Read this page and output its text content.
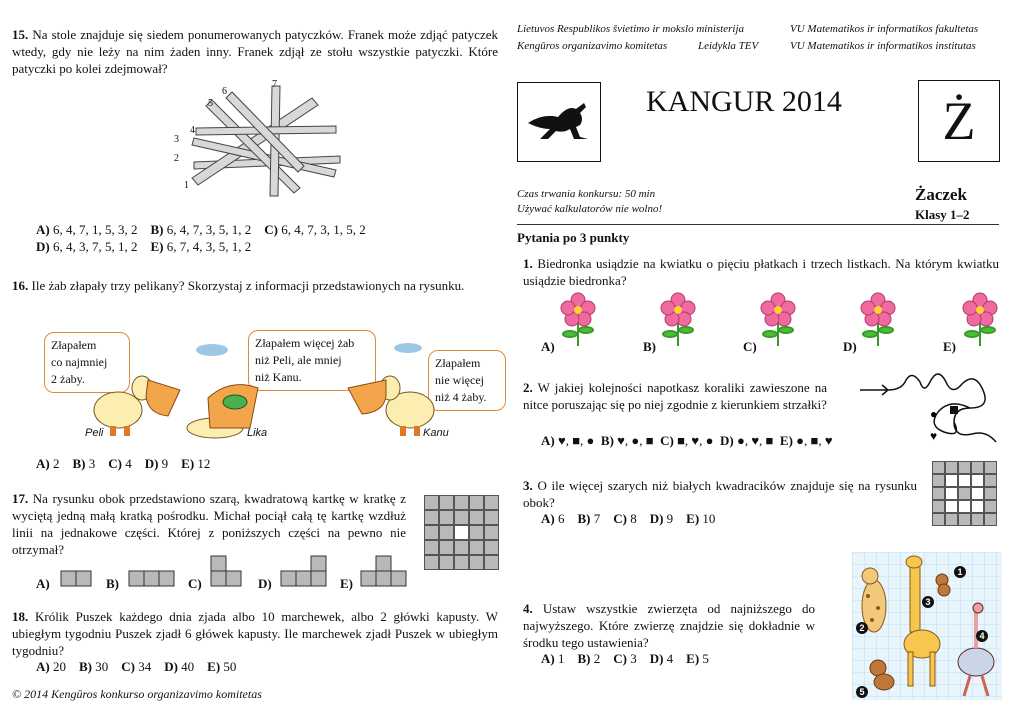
15. Na stole znajduje się siedem ponumerowanych patyczków. Franek może zdjąć patyczek wtedy, gdy nie leży na nim żaden inny. Franek zdjął ze stołu wszystkie patyczki. Które patyczki po kolei zdejmował?
1
2
3
4
5
6
7
A) 6, 4, 7, 1, 5, 3, 2 B) 6, 4, 7, 3, 5, 1, 2 C) 6, 4, 7, 3, 1, 5, 2
D) 6, 4, 3, 7, 5, 1, 2 E) 6, 7, 4, 3, 5, 1, 2
16. Ile żab złapały trzy pelikany? Skorzystaj z informacji przedstawionych na rysunku.
Złapałem
co najmniej
2 żaby.
Złapałem więcej żab
niż Peli, ale mniej
niż Kanu.
Złapałem
nie więcej
niż 4 żaby.
Peli	Lika	Kanu
A) 2 B) 3 C) 4 D) 9 E) 12
17. Na rysunku obok przedstawiono szarą, kwadratową kartkę w kratkę z wyciętą jedną małą kratką pośrodku. Michał pociął całą tę kartkę wzdłuż linii na jednakowe części. Której z poniższych części na pewno nie otrzymał?
A)	B)	C)	D)	E)
18. Królik Puszek każdego dnia zjada albo 10 marchewek, albo 2 główki kapusty. W ubiegłym tygodniu Puszek zjadł 6 główek kapusty. Ile marchewek zjadł Puszek w ubiegłym tygodniu?
A) 20 B) 30 C) 34 D) 40 E) 50
© 2014 Kengūros konkurso organizavimo komitetas
Lietuvos Respublikos švietimo ir mokslo ministerija	VU Matematikos ir informatikos fakultetas
Kengūros organizavimo komitetas	Leidykla TEV	VU Matematikos ir informatikos institutas
KANGUR 2014	Ż
Czas trwania konkursu: 50 min
Używać kalkulatorów nie wolno!
Żaczek
Klasy 1–2
Pytania po 3 punkty
1. Biedronka usiądzie na kwiatku o pięciu płatkach i trzech listkach. Na którym kwiatku usiądzie biedronka?
A)	B)	C)	D)	E)
2. W jakiej kolejności napotkasz koraliki zawieszone na nitce poruszając się po niej zgodnie z kierunkiem strzałki?
●
♥
A) ♥, ■, ● B) ♥, ●, ■ C) ■, ♥, ● D) ●, ♥, ■ E) ●, ■, ♥
3. O ile więcej szarych niż białych kwadracików znajduje się na rysunku obok?
A) 6 B) 7 C) 8 D) 9 E) 10
4. Ustaw wszystkie zwierzęta od najniższego do najwyższego. Które zwierzę znajdzie się dokładnie w środku tego ustawienia?
A) 1 B) 2 C) 3 D) 4 E) 5
1
2
3
4
5
